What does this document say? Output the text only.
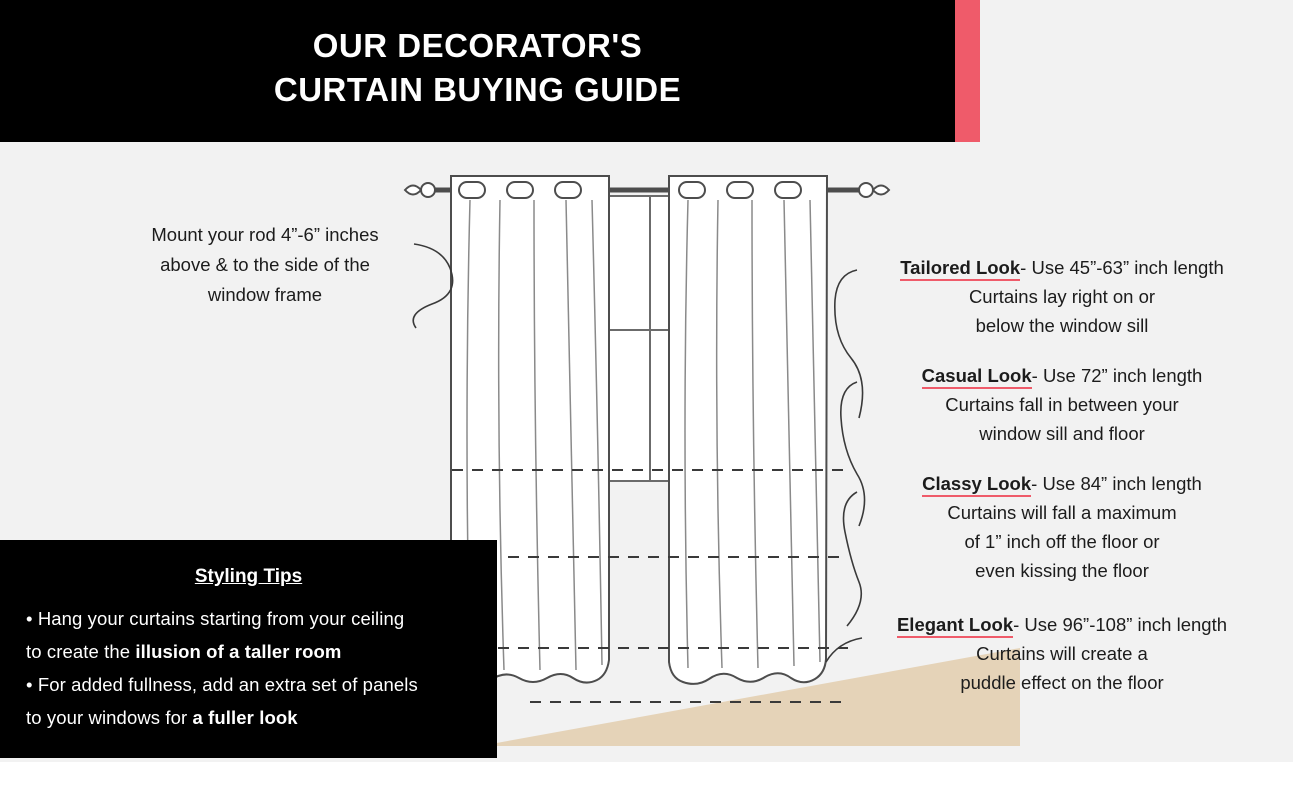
OUR DECORATOR'S
CURTAIN BUYING GUIDE
Mount your rod 4”-6” inches
above & to the side of the
window frame
Tailored Look- Use 45”-63” inch length
Curtains lay right on or
below the window sill
Casual Look- Use 72” inch length
Curtains fall in between your
window sill and floor
Classy Look- Use 84” inch length
Curtains will fall a maximum
of 1” inch off the floor or
even kissing the floor
Elegant Look- Use 96”-108” inch length
Curtains will create a
puddle effect on the floor
Styling Tips
• Hang your curtains starting from your ceiling
to create the illusion of a taller room
• For added fullness, add an extra set of panels
to your windows for a fuller look
